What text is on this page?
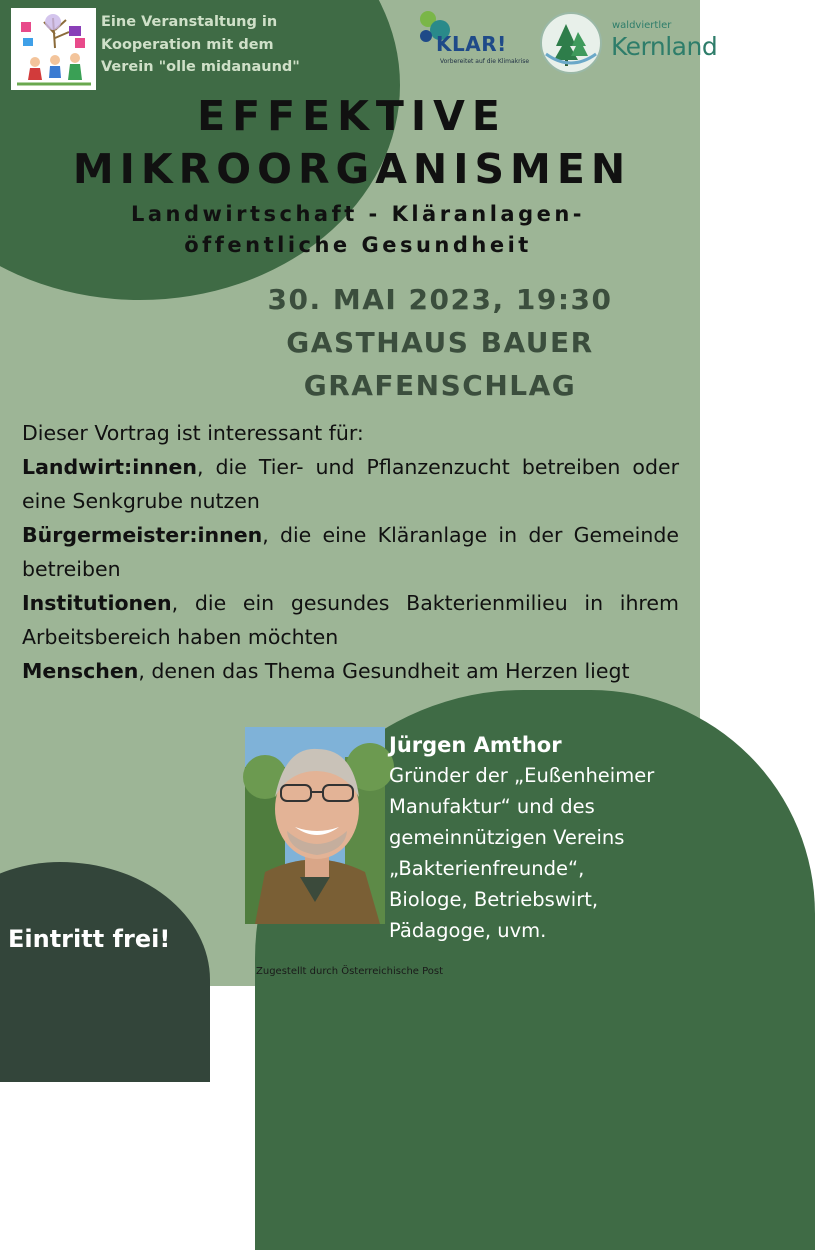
Eine Veranstaltung in
Kooperation mit dem
Verein "olle midanaund"
KLAR!
Vorbereitet auf die Klimakrise
waldviertler
Kernland
EFFEKTIVE
MIKROORGANISMEN
Landwirtschaft - Kläranlagen-
öffentliche Gesundheit
30. MAI 2023, 19:30
GASTHAUS BAUER
GRAFENSCHLAG

Dieser Vortrag ist interessant für:

Landwirt:innen, die Tier- und Pflanzenzucht betreiben oder eine Senkgrube nutzen

Bürgermeister:innen, die eine Kläranlage in der Gemeinde betreiben

Institutionen, die ein gesundes Bakterienmilieu in ihrem Arbeitsbereich haben möchten

Menschen, denen das Thema Gesundheit am Herzen liegt

Jürgen Amthor
Gründer der „Eußenheimer
Manufaktur“ und des
gemeinnützigen Vereins
„Bakterienfreunde“,
Biologe, Betriebswirt,
Pädagoge, uvm.
Eintritt frei!
Zugestellt durch Österreichische Post
